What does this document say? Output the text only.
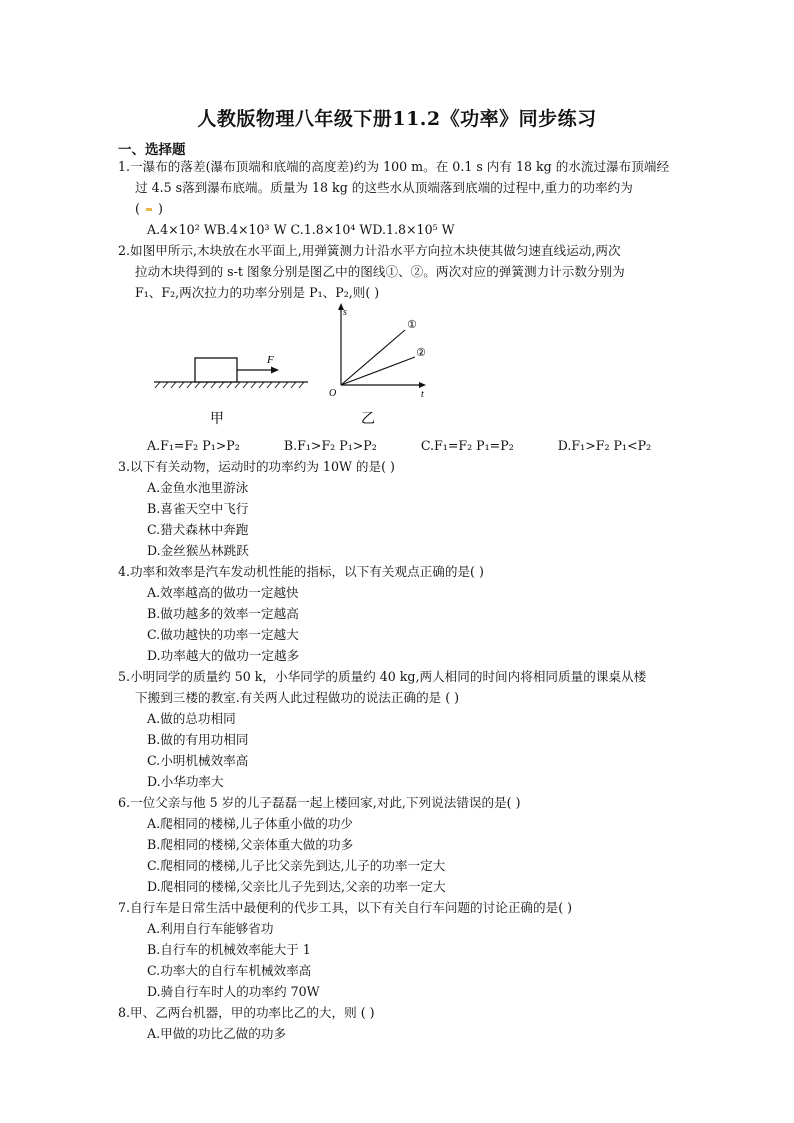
人教版物理八年级下册11.2《功率》同步练习
一、选择题
1.一瀑布的落差(瀑布顶端和底端的高度差)约为 100 m。在 0.1 s 内有 18 kg 的水流过瀑布顶端经
过 4.5 s落到瀑布底端。质量为 18 kg 的这些水从顶端落到底端的过程中,重力的功率约为
( )
A.4×10² WB.4×10³ W C.1.8×10⁴ WD.1.8×10⁵ W
2.如图甲所示,木块放在水平面上,用弹簧测力计沿水平方向拉木块使其做匀速直线运动,两次
拉动木块得到的 s-t 图象分别是图乙中的图线①、②。两次对应的弹簧测力计示数分别为
F₁、F₂,两次拉力的功率分别是 P₁、P₂,则( )
F
甲
s
t
O
①
②
乙
A.F₁=F₂ P₁>P₂	B.F₁>F₂ P₁>P₂	C.F₁=F₂ P₁=P₂	D.F₁>F₂ P₁<P₂
3.以下有关动物，运动时的功率约为 10W 的是( )
A.金鱼水池里游泳
B.喜雀天空中飞行
C.猎犬森林中奔跑
D.金丝猴丛林跳跃
4.功率和效率是汽车发动机性能的指标，以下有关观点正确的是( )
A.效率越高的做功一定越快
B.做功越多的效率一定越高
C.做功越快的功率一定越大
D.功率越大的做功一定越多
5.小明同学的质量约 50 k，小华同学的质量约 40 kg,两人相同的时间内将相同质量的课桌从楼
下搬到三楼的教室.有关两人此过程做功的说法正确的是 ( )
A.做的总功相同
B.做的有用功相同
C.小明机械效率高
D.小华功率大
6.一位父亲与他 5 岁的儿子磊磊一起上楼回家,对此,下列说法错误的是( )
A.爬相同的楼梯,儿子体重小做的功少
B.爬相同的楼梯,父亲体重大做的功多
C.爬相同的楼梯,儿子比父亲先到达,儿子的功率一定大
D.爬相同的楼梯,父亲比儿子先到达,父亲的功率一定大
7.自行车是日常生活中最便利的代步工具，以下有关自行车问题的讨论正确的是( )
A.利用自行车能够省功
B.自行车的机械效率能大于 1
C.功率大的自行车机械效率高
D.骑自行车时人的功率约 70W
8.甲、乙两台机器，甲的功率比乙的大，则 ( )
A.甲做的功比乙做的功多
